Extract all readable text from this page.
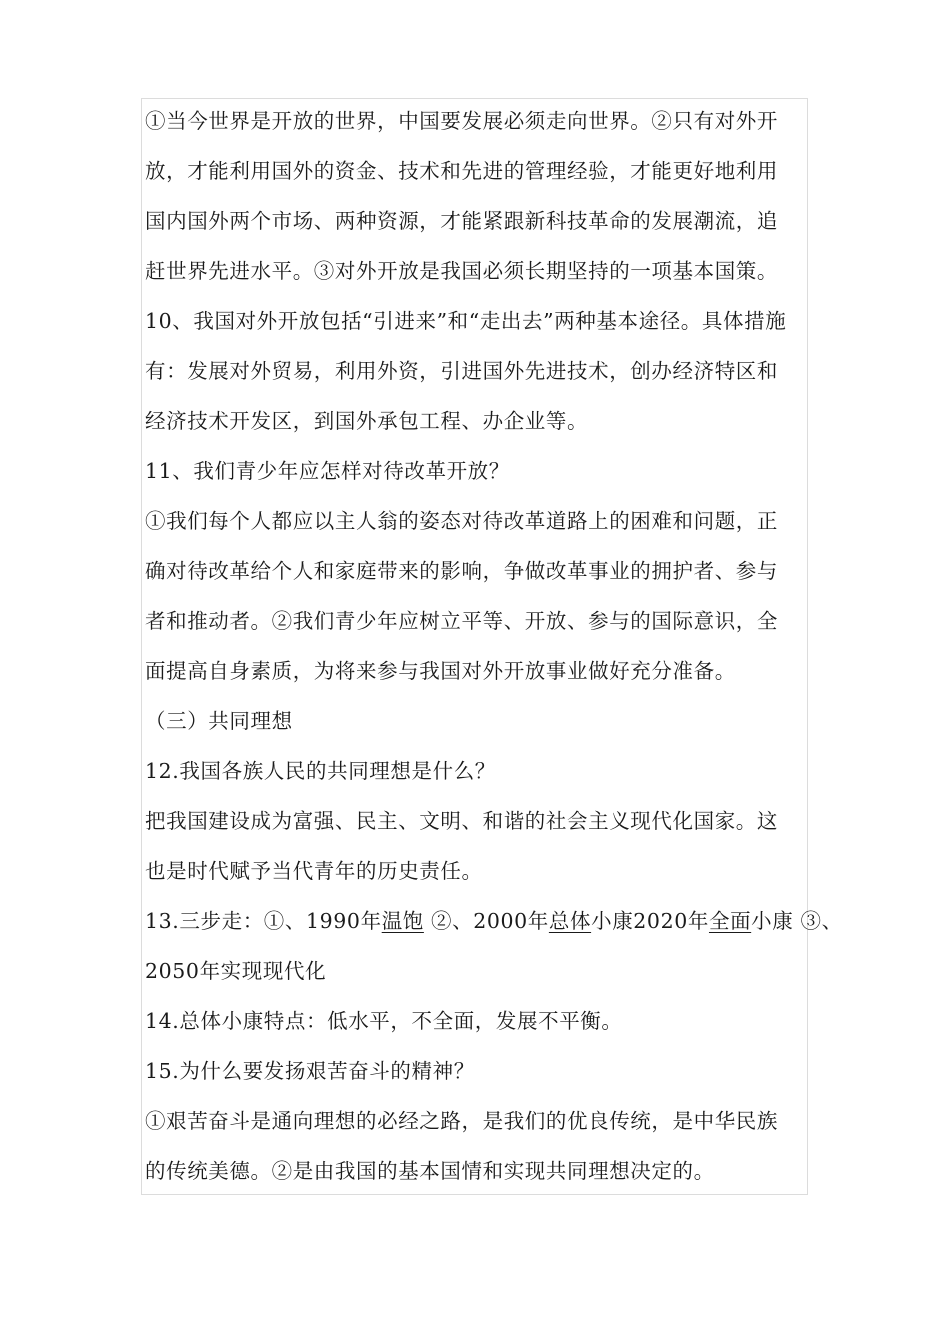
①当今世界是开放的世界，中国要发展必须走向世界。②只有对外开
放，才能利用国外的资金、技术和先进的管理经验，才能更好地利用
国内国外两个市场、两种资源，才能紧跟新科技革命的发展潮流，追
赶世界先进水平。③对外开放是我国必须长期坚持的一项基本国策。
10、我国对外开放包括“引进来”和“走出去”两种基本途径。具体措施
有：发展对外贸易，利用外资，引进国外先进技术，创办经济特区和
经济技术开发区，到国外承包工程、办企业等。
11、我们青少年应怎样对待改革开放？
①我们每个人都应以主人翁的姿态对待改革道路上的困难和问题，正
确对待改革给个人和家庭带来的影响，争做改革事业的拥护者、参与
者和推动者。②我们青少年应树立平等、开放、参与的国际意识，全
面提高自身素质，为将来参与我国对外开放事业做好充分准备。
（三）共同理想
12.我国各族人民的共同理想是什么？
把我国建设成为富强、民主、文明、和谐的社会主义现代化国家。这
也是时代赋予当代青年的历史责任。
13.三步走：①、1990年温饱 ②、2000年总体小康2020年全面小康 ③、
2050年实现现代化
14.总体小康特点：低水平，不全面，发展不平衡。
15.为什么要发扬艰苦奋斗的精神？
①艰苦奋斗是通向理想的必经之路，是我们的优良传统，是中华民族
的传统美德。②是由我国的基本国情和实现共同理想决定的。
